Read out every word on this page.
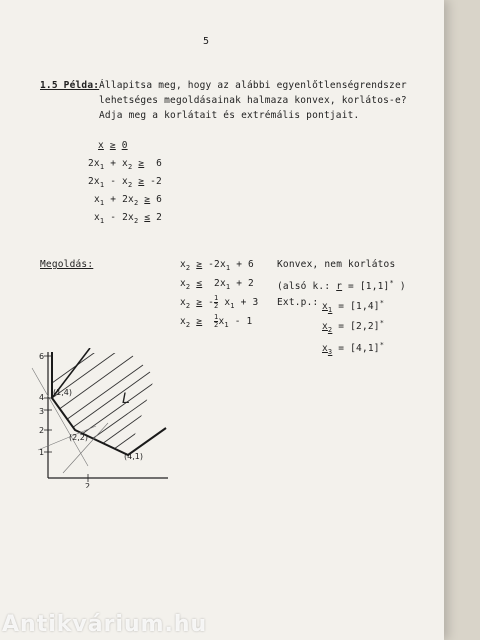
5
1.5 Példa: Állapitsa meg, hogy az alábbi egyenlőtlenségrendszer
lehetséges megoldásainak halmaza konvex, korlátos-e?
Adja meg a korlátait és extrémális pontjait.
x ≥ 0
$2x_1 + x_2 \ge 6$
$2x_1 - x_2 \ge -2$
$x_1 + 2x_2 \ge 6$
$x_1 - 2x_2 \le 2$
Megoldás:	$x_2 \ge -2x_1 + 6$
$x_2 \le 2x_1 + 2$
$x_2$ ≥ - $\frac{1}{2} x_1 + 3$
$x_2 \ge \frac{1}{2} x_1 - 1$
Konvex, nem korlátos
(alsó k.: r = [1,1]* )
Ext.p.: $x_1 = [1,4]^*$
$x_2 = [2,2]^*$
$x_3 = [4,1]^*$
6
4
3
2
1
2
(1,4)
(2,2)
(4,1)
L
Antikvárium.hu
